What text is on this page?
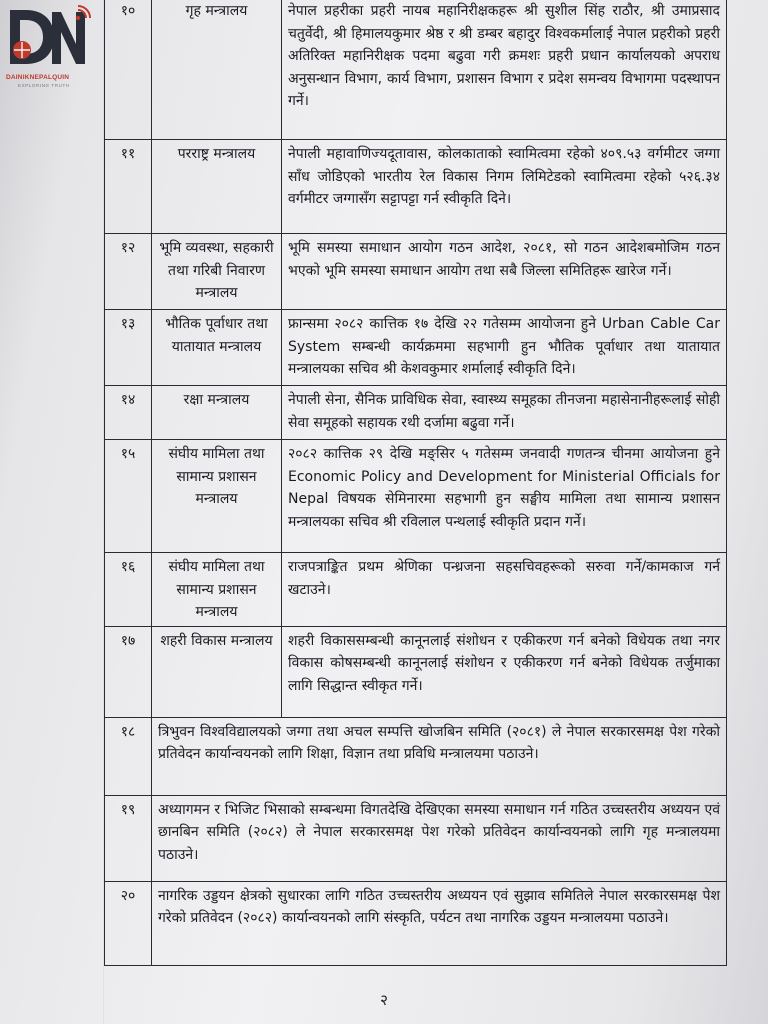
DAINIKNEPALQUIN
EXPLORING TRUTH
१०	गृह मन्त्रालय	नेपाल प्रहरीका प्रहरी नायब महानिरीक्षकहरू श्री सुशील सिंह राठौर, श्री उमाप्रसाद चतुर्वेदी, श्री हिमालयकुमार श्रेष्ठ र श्री डम्बर बहादुर विश्वकर्मालाई नेपाल प्रहरीको प्रहरी अतिरिक्त महानिरीक्षक पदमा बढुवा गरी क्रमशः प्रहरी प्रधान कार्यालयको अपराध अनुसन्धान विभाग, कार्य विभाग, प्रशासन विभाग र प्रदेश समन्वय विभागमा पदस्थापन गर्ने।
११	परराष्ट्र मन्त्रालय	नेपाली महावाणिज्यदूतावास, कोलकाताको स्वामित्वमा रहेको ४०९.५३ वर्गमीटर जग्गा साँध जोडिएको भारतीय रेल विकास निगम लिमिटेडको स्वामित्वमा रहेको ५२६.३४ वर्गमीटर जग्गासँग सट्टापट्टा गर्न स्वीकृति दिने।
१२	भूमि व्यवस्था, सहकारी तथा गरिबी निवारण मन्त्रालय	भूमि समस्या समाधान आयोग गठन आदेश, २०८१, सो गठन आदेशबमोजिम गठन भएको भूमि समस्या समाधान आयोग तथा सबै जिल्ला समितिहरू खारेज गर्ने।
१३	भौतिक पूर्वाधार तथा यातायात मन्त्रालय	फ्रान्समा २०८२ कात्तिक १७ देखि २२ गतेसम्म आयोजना हुने Urban Cable Car System सम्बन्धी कार्यक्रममा सहभागी हुन भौतिक पूर्वाधार तथा यातायात मन्त्रालयका सचिव श्री केशवकुमार शर्मालाई स्वीकृति दिने।
१४	रक्षा मन्त्रालय	नेपाली सेना, सैनिक प्राविधिक सेवा, स्वास्थ्य समूहका तीनजना महासेनानीहरूलाई सोही सेवा समूहको सहायक रथी दर्जामा बढुवा गर्ने।
१५	संघीय मामिला तथा सामान्य प्रशासन मन्त्रालय	२०८२ कात्तिक २९ देखि मङ्सिर ५ गतेसम्म जनवादी गणतन्त्र चीनमा आयोजना हुने Economic Policy and Development for Ministerial Officials for Nepal विषयक सेमिनारमा सहभागी हुन सङ्घीय मामिला तथा सामान्य प्रशासन मन्त्रालयका सचिव श्री रविलाल पन्थलाई स्वीकृति प्रदान गर्ने।
१६	संघीय मामिला तथा सामान्य प्रशासन मन्त्रालय	राजपत्राङ्कित प्रथम श्रेणिका पन्ध्रजना सहसचिवहरूको सरुवा गर्ने/कामकाज गर्न खटाउने।
१७	शहरी विकास मन्त्रालय	शहरी विकाससम्बन्धी कानूनलाई संशोधन र एकीकरण गर्न बनेको विधेयक तथा नगर विकास कोषसम्बन्धी कानूनलाई संशोधन र एकीकरण गर्न बनेको विधेयक तर्जुमाका लागि सिद्धान्त स्वीकृत गर्ने।
१८	त्रिभुवन विश्वविद्यालयको जग्गा तथा अचल सम्पत्ति खोजबिन समिति (२०८१) ले नेपाल सरकारसमक्ष पेश गरेको प्रतिवेदन कार्यान्वयनको लागि शिक्षा, विज्ञान तथा प्रविधि मन्त्रालयमा पठाउने।	
१९	अध्यागमन र भिजिट भिसाको सम्बन्धमा विगतदेखि देखिएका समस्या समाधान गर्न गठित उच्चस्तरीय अध्ययन एवं छानबिन समिति (२०८२) ले नेपाल सरकारसमक्ष पेश गरेको प्रतिवेदन कार्यान्वयनको लागि गृह मन्त्रालयमा पठाउने।	
२०	नागरिक उड्डयन क्षेत्रको सुधारका लागि गठित उच्चस्तरीय अध्ययन एवं सुझाव समितिले नेपाल सरकारसमक्ष पेश गरेको प्रतिवेदन (२०८२) कार्यान्वयनको लागि संस्कृति, पर्यटन तथा नागरिक उड्डयन मन्त्रालयमा पठाउने।	
२
